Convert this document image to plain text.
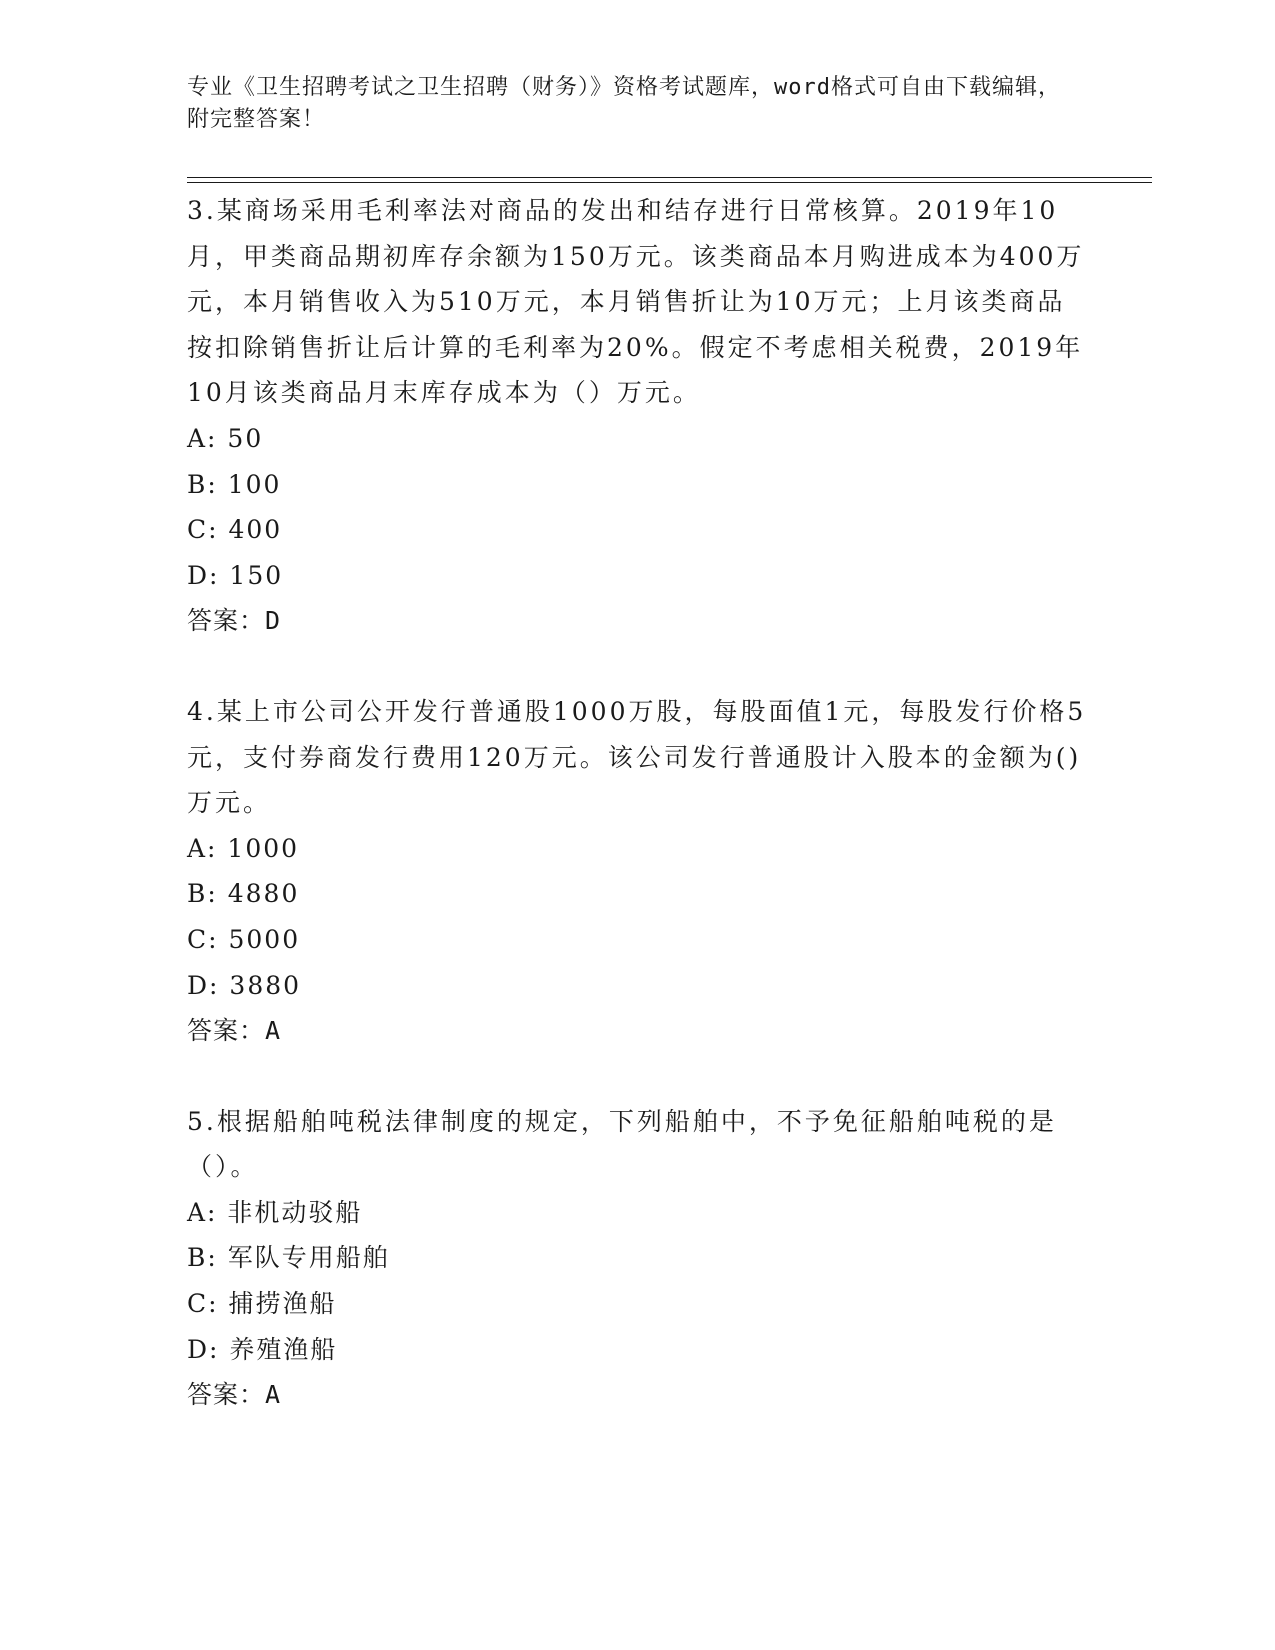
专业《卫生招聘考试之卫生招聘（财务）》资格考试题库，word格式可自由下载编辑，附完整答案！
3.某商场采用毛利率法对商品的发出和结存进行日常核算。2019年10月，甲类商品期初库存余额为150万元。该类商品本月购进成本为400万元，本月销售收入为510万元，本月销售折让为10万元；上月该类商品按扣除销售折让后计算的毛利率为20%。假定不考虑相关税费，2019年10月该类商品月末库存成本为（）万元。
A: 50
B: 100
C: 400
D: 150
答案：D
4.某上市公司公开发行普通股1000万股，每股面值1元，每股发行价格5元，支付券商发行费用120万元。该公司发行普通股计入股本的金额为()万元。
A: 1000
B: 4880
C: 5000
D: 3880
答案：A
5.根据船舶吨税法律制度的规定，下列船舶中，不予免征船舶吨税的是（）。
A: 非机动驳船
B: 军队专用船舶
C: 捕捞渔船
D: 养殖渔船
答案：A
